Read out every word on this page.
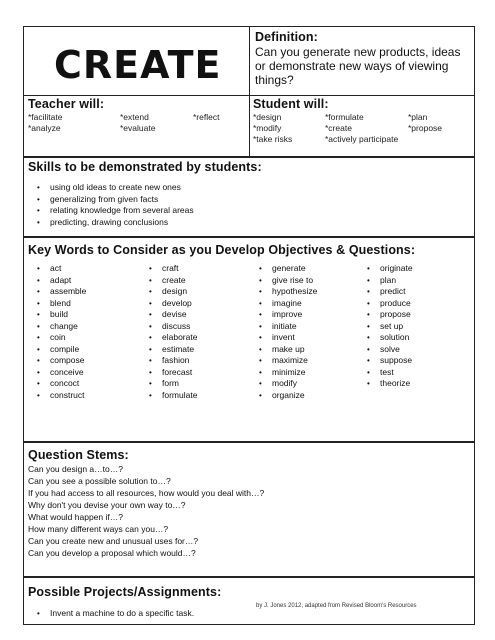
CREATE
Definition:
Can you generate new products, ideas or demonstrate new ways of viewing things?
Teacher will:
*facilitate	*extend	*reflect
*analyze	*evaluate
Student will:
*design	*formulate	*plan
*modify	*create	*propose
*take risks	*actively participate
Skills to be demonstrated by students:
• using old ideas to create new ones
• generalizing from given facts
• relating knowledge from several areas
• predicting, drawing conclusions
Key Words to Consider as you Develop Objectives & Questions:
• act
• adapt
• assemble
• blend
• build
• change
• coin
• compile
• compose
• conceive
• concoct
• construct
• craft
• create
• design
• develop
• devise
• discuss
• elaborate
• estimate
• fashion
• forecast
• form
• formulate
• generate
• give rise to
• hypothesize
• imagine
• improve
• initiate
• invent
• make up
• maximize
• minimize
• modify
• organize
• originate
• plan
• predict
• produce
• propose
• set up
• solution
• solve
• suppose
• test
• theorize
Question Stems:
Can you design a…to…?
Can you see a possible solution to…?
If you had access to all resources, how would you deal with…?
Why don't you devise your own way to…?
What would happen if…?
How many different ways can you…?
Can you create new and unusual uses for…?
Can you develop a proposal which would…?
Possible Projects/Assignments:
• Invent a machine to do a specific task.
by J. Jones 2012, adapted from Revised Bloom's Resources
